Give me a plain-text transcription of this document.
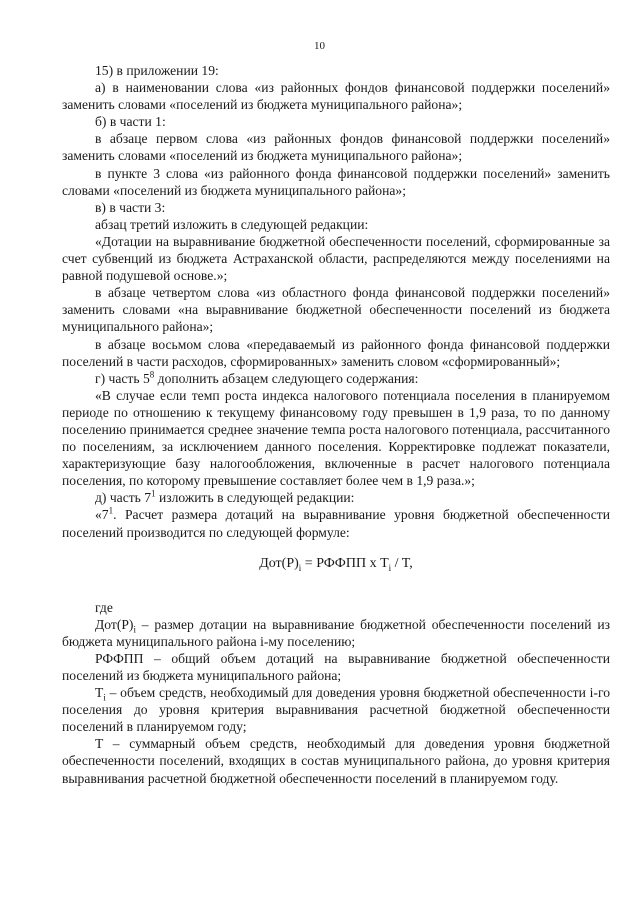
10

15) в приложении 19:

а) в наименовании слова «из районных фондов финансовой поддержки поселений» заменить словами «поселений из бюджета муниципального района»;

б) в части 1:

в абзаце первом слова «из районных фондов финансовой поддержки поселений» заменить словами «поселений из бюджета муниципального района»;

в пункте 3 слова «из районного фонда финансовой поддержки поселений» заменить словами «поселений из бюджета муниципального района»;

в) в части 3:

абзац третий изложить в следующей редакции:

«Дотации на выравнивание бюджетной обеспеченности поселений, сформированные за счет субвенций из бюджета Астраханской области, распределяются между поселениями на равной подушевой основе.»;

в абзаце четвертом слова «из областного фонда финансовой поддержки поселений» заменить словами «на выравнивание бюджетной обеспеченности поселений из бюджета муниципального района»;

в абзаце восьмом слова «передаваемый из районного фонда финансовой поддержки поселений в части расходов, сформированных» заменить словом «сформированный»;

г) часть $5^8$ дополнить абзацем следующего содержания:

«В случае если темп роста индекса налогового потенциала поселения в планируемом периоде по отношению к текущему финансовому году превышен в 1,9 раза, то по данному поселению принимается среднее значение темпа роста налогового потенциала, рассчитанного по поселениям, за исключением данного поселения. Корректировке подлежат показатели, характеризующие базу налогообложения, включенные в расчет налогового потенциала поселения, по которому превышение составляет более чем в 1,9 раза.»;

д) часть $7^1$ изложить в следующей редакции:

«$7^1$. Расчет размера дотаций на выравнивание уровня бюджетной обеспеченности поселений производится по следующей формуле:

$Дот(Р)_i$ = РФФПП х $T_i$ / T,

где

$Дот(Р)_i$ – размер дотации на выравнивание бюджетной обеспеченности поселений из бюджета муниципального района i-му поселению;

РФФПП – общий объем дотаций на выравнивание бюджетной обеспеченности поселений из бюджета муниципального района;

$T_i$ – объем средств, необходимый для доведения уровня бюджетной обеспеченности i-го поселения до уровня критерия выравнивания расчетной бюджетной обеспеченности поселений в планируемом году;

T – суммарный объем средств, необходимый для доведения уровня бюджетной обеспеченности поселений, входящих в состав муниципального района, до уровня критерия выравнивания расчетной бюджетной обеспеченности поселений в планируемом году.
